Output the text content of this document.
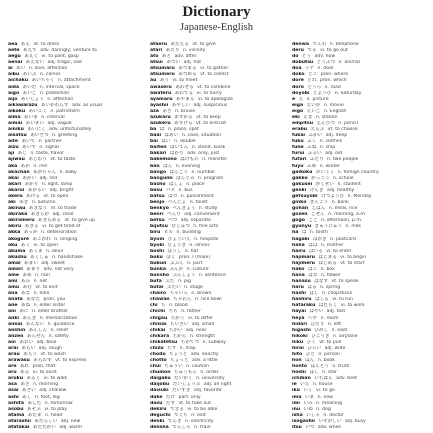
Dictionary
Japanese-English
aea あえ vt. to dress
aete あえて adv. daringly; venture to
aegu あえぐ vi. to pant, gasp
aenai あえない adj. tragic, sad
ai あい n. love, affection
aibu あいぶ n. caress
aichaku あいちゃく n. attachment
aida あいだ n. interval, space
aigo あいご n. protection
aijo あいじょう n. affection
aikawarazu あいかわらず adv. as usual
aikoku あいこく n. patriotism
aima あいま n. interval
aimai あいまい adj. vague
ainiku あいにく adv. unfortunately
aisatsu あいさつ n. greeting
aite あいて n. partner
aizu あいず n. signal
aji あじ n. taste, flavor
ajiwau あじわう vt. to taste
aka あか n. red
akachan あかちゃん n. baby
akai あかい adj. red
akari あかり n. light, lamp
akarui あかるい adj. bright
akeru あける vt. to open
aki あき n. autumn
akinau あきなう vt. to trade
akiraka あきらか adj. clear
akirameru あきらめる vt. to give up
akiru あきる vi. to get tired of
akka あっか n. deterioration
akogare あこがれ n. longing
aku あく vi. to open
akuma あくま n. devil
akushu あくしゅ n. handshake
amai あまい adj. sweet
amari あまり adv. not very
ame あめ n. rain
ami あみ n. net
amu あむ vt. to knit
ana あな n. hole
anata あなた pron. you
ane あね n. elder sister
ani あに n. elder brother
anki あんき n. memorization
annai あんない n. guidance
anshin あんしん n. relief
anzen あんぜん n. safety
aoi あおい adj. blue
arai あらい adj. rough
arau あらう vt. to wash
arawasu あらわす vt. to express
are あれ pron. that
aru ある vi. to exist
aruku あるく vi. to walk
asa あさ n. morning
asai あさい adj. shallow
ashi あし n. foot, leg
ashita あした n. tomorrow
asobu あそぶ vi. to play
atama あたま n. head
atarashii あたらしい adj. new
atatakai あたたかい adj. warm
ataeru あたえる vt. to give
atari あたり n. vicinity
ato あと adv. after
atsui あつい adj. hot
atsumaru あつまる vi. to gather
atsumeru あつめる vt. to collect
au あう vi. to meet
awaseru あわせる vt. to combine
awateru あわてる vi. to hurry
ayamaru あやまる vi. to apologize
ayashii あやしい adj. suspicious
aza あざ n. bruise
azukaru あずかる vt. to keep
azukeru あずける vt. to entrust
ba ば n. place, spot
baai ばあい n. case, situation
bai ばい n. double
baiten ばいてん n. stand, kiosk
bakari ばかり adv. only, just
bakemono ばけもの n. monster
ban ばん n. evening
bangō ばんごう n. number
bangumi ばんぐみ n. program
basho ばしょ n. place
basu バス n. bus
batsu ばつ n. punishment
benjo べんじょ n. toilet
benkyō べんきょう n. study
benri べんり adj. convenient
betsu べつ adj. separate
bijutsu びじゅつ n. fine arts
biru ビル n. building
byōin びょういん n. hospital
byōki びょうき n. illness
bōshi ぼうし n. hat
boku ぼく pron. I (male)
bubun ぶぶん n. part
bunka ぶんか n. culture
bunshō ぶんしょう n. sentence
buta ぶた n. pig
butai ぶたい n. stage
chairo ちゃいろ n. brown
chawan ちゃわん n. rice bowl
chi ち n. blood
chichi ちち n. father
chigau ちがう vi. to differ
chiisai ちいさい adj. small
chikai ちかい adj. near
chikara ちから n. strength
chikatetsu ちかてつ n. subway
chizu ちず n. map
chōdo ちょうど adv. exactly
chotto ちょっと adv. a little
chūi ちゅうい n. caution
chūmon ちゅうもん n. order
daigaku だいがく n. university
daijōbu だいじょうぶ adj. all right
daisuki だいすき adj. favorite
dake だけ part. only
dasu だす vt. to take out
dekiru できる vi. to be able
deguchi でぐち n. exit
denki でんき n. electricity
densha でんしゃ n. train
denwa でんわ n. telephone
deru でる vi. to go out
dō どう adv. how
dōbutsu どうぶつ n. animal
doa ドア n. door
doko どこ pron. where
dore どれ pron. which
dōro どうろ n. road
doyōbi どようび n. Saturday
e え n. picture
eiga えいが n. movie
eigo えいご n. English
eki えき n. station
empitsu えんぴつ n. pencil
erabu えらぶ vt. to choose
fukai ふかい adj. deep
fuku ふく n. clothes
fune ふね n. ship
furui ふるい adj. old
futari ふたり n. two people
fuyu ふゆ n. winter
gaikoku がいこく n. foreign country
gakkō がっこう n. school
gakusei がくせい n. student
genki げんき adj. healthy
getsuyōbi げつようび n. Monday
ginkō ぎんこう n. bank
gohan ごはん n. meal, rice
gozen ごぜん n. morning, a.m.
gogo ごご n. afternoon, p.m.
gyūnyū ぎゅうにゅう n. milk
ha は n. tooth
hagaki はがき n. postcard
haha はは n. mother
hairu はいる vi. to enter
hajimaru はじまる vi. to begin
hajimeru はじめる vt. to start
hako はこ n. box
hana はな n. flower
hanasu はなす vt. to speak
haru はる n. spring
hashi はし n. chopsticks
hashiru はしる vi. to run
hataraku はたらく vi. to work
hayai はやい adj. fast
heya へや n. room
hidari ひだり n. left
higashi ひがし n. east
hikōki ひこうき n. airplane
hiku ひく vt. to pull
hiroi ひろい adj. wide
hito ひと n. person
hon ほん n. book
hontō ほんとう n. truth
hoshi ほし n. star
ichiban いちばん adv. best
ie いえ n. house
iku いく vi. to go
ima いま n. now
imi いみ n. meaning
inu いぬ n. dog
isha いしゃ n. doctor
isogashii いそがしい adj. busy
itsu いつ adv. when
